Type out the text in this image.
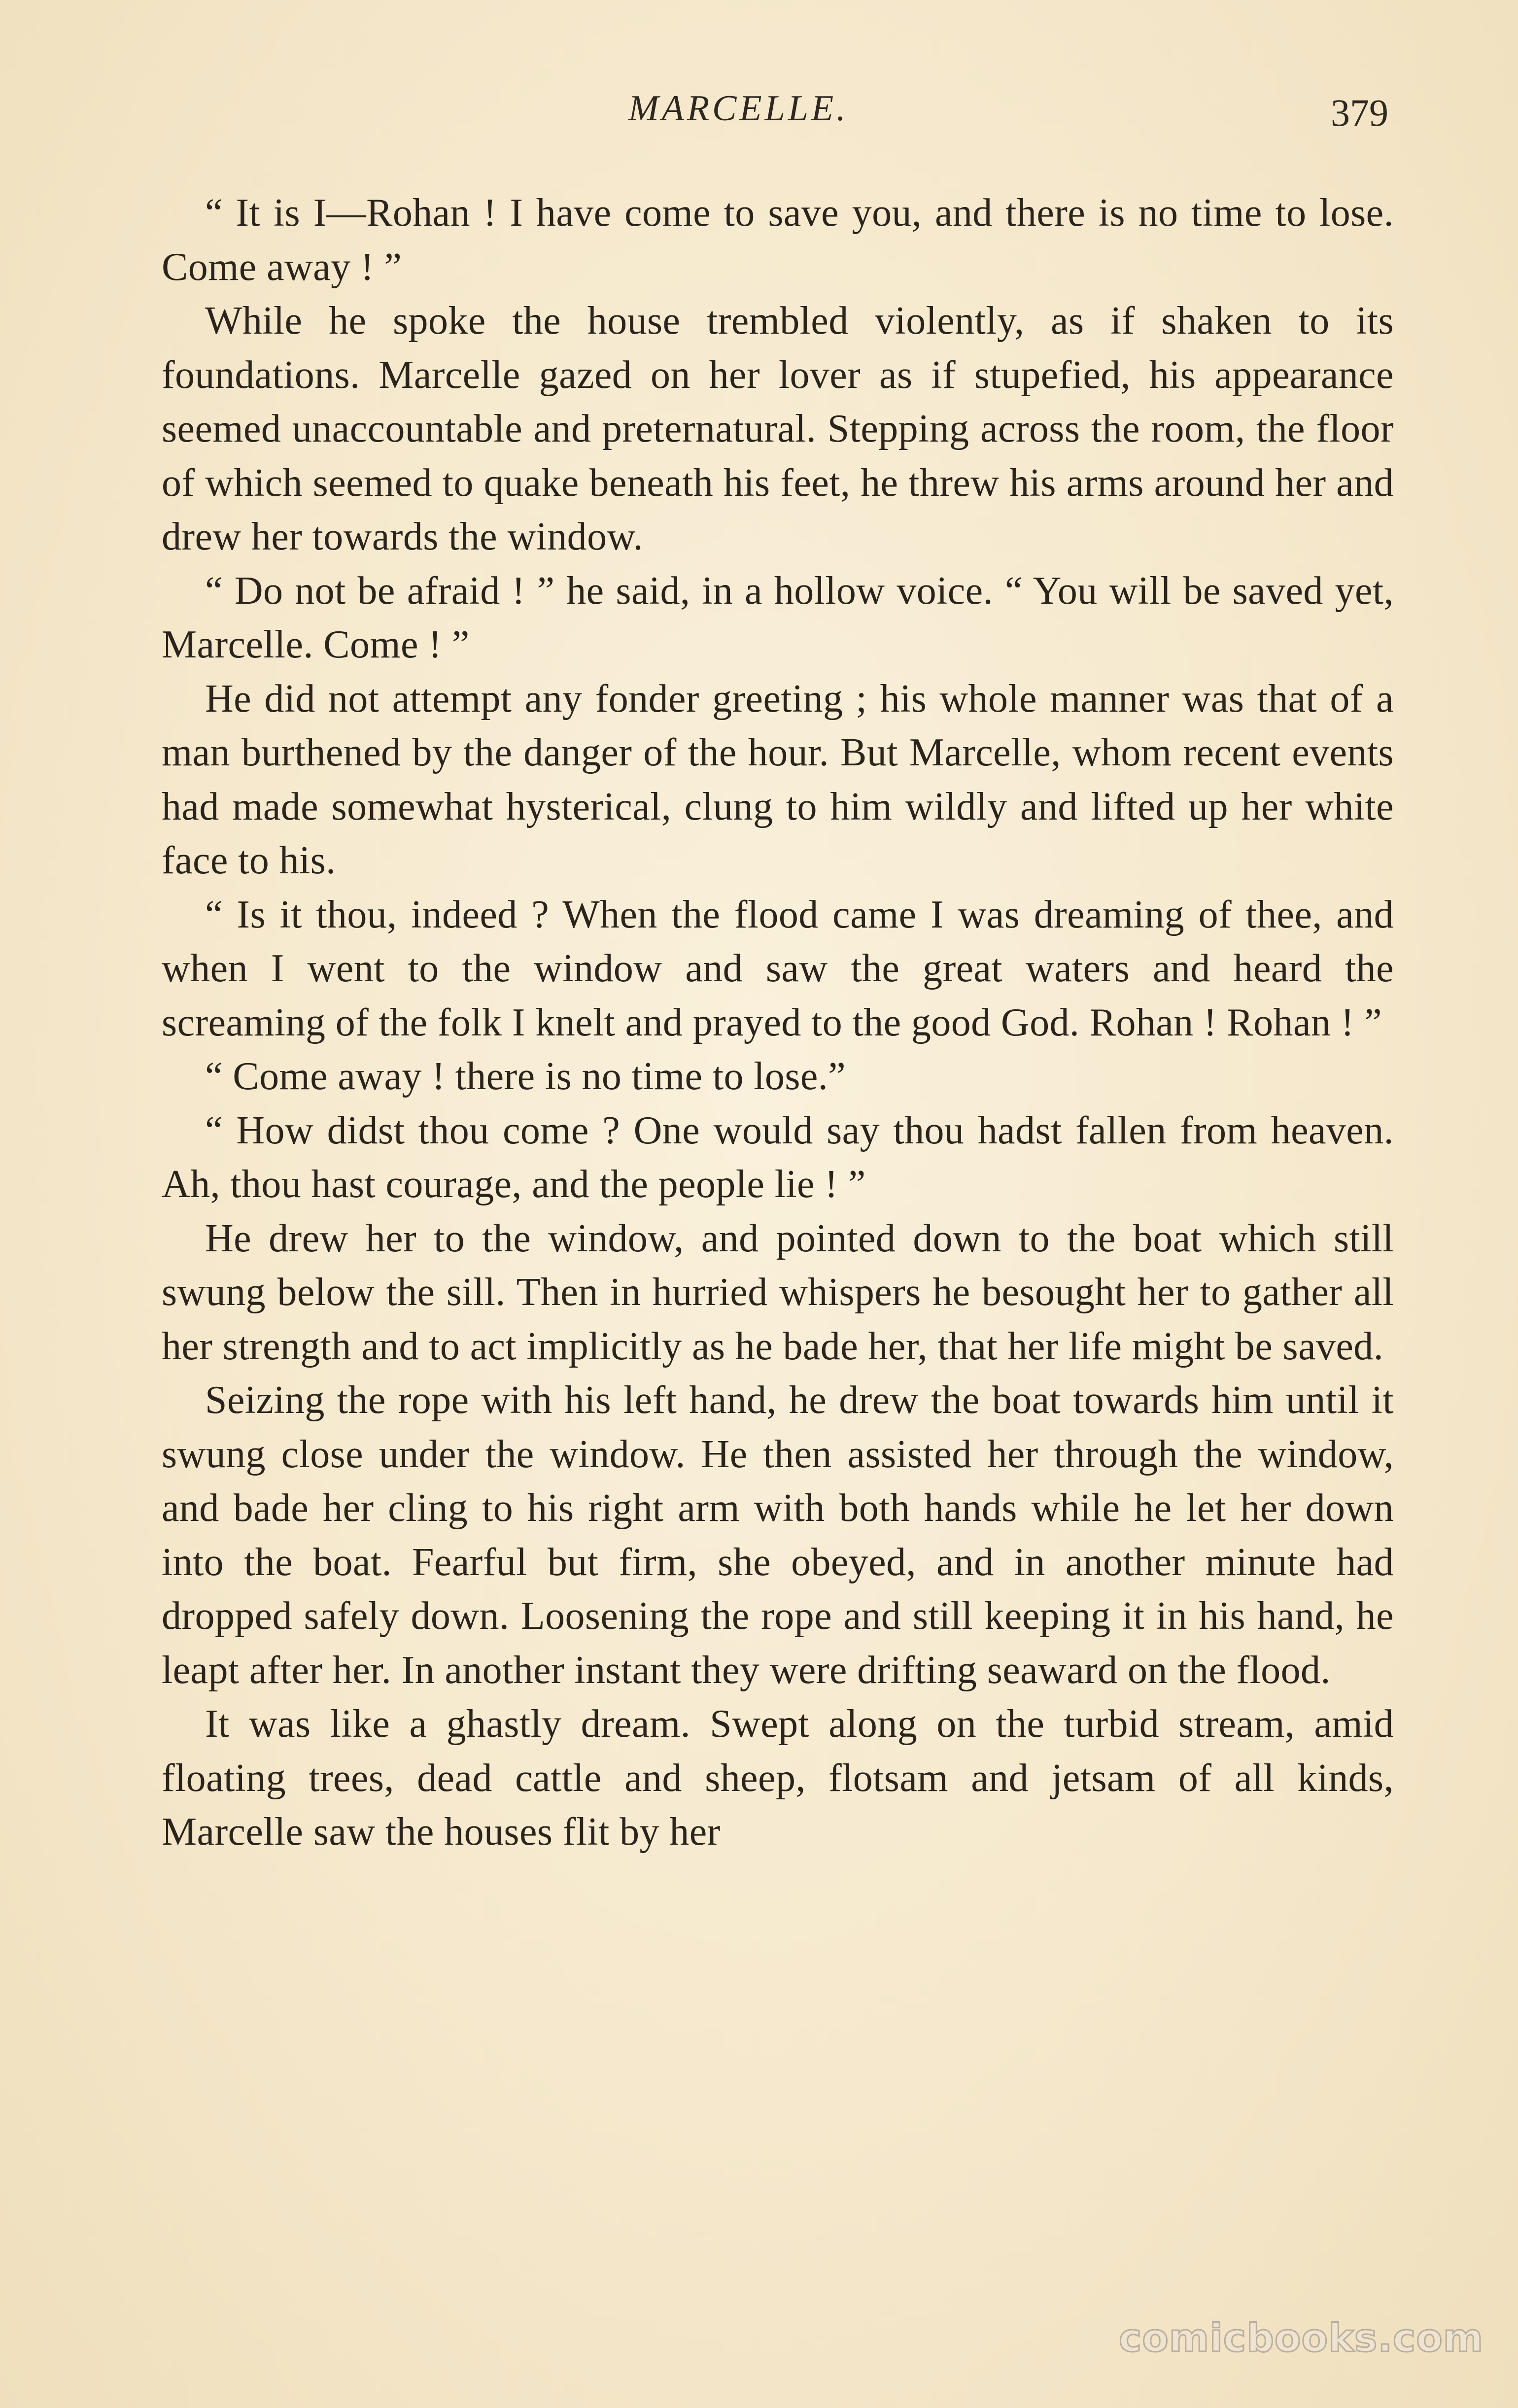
MARCELLE.	379

“ It is I—Rohan ! I have come to save you, and there is no time to lose. Come away ! ”

While he spoke the house trembled violently, as if shaken to its foundations. Marcelle gazed on her lover as if stupefied, his appearance seemed unaccountable and preternatural. Stepping across the room, the floor of which seemed to quake beneath his feet, he threw his arms around her and drew her towards the window.

“ Do not be afraid ! ” he said, in a hollow voice. “ You will be saved yet, Marcelle. Come ! ”

He did not attempt any fonder greeting ; his whole manner was that of a man burthened by the danger of the hour. But Marcelle, whom recent events had made somewhat hysterical, clung to him wildly and lifted up her white face to his.

“ Is it thou, indeed ? When the flood came I was dreaming of thee, and when I went to the window and saw the great waters and heard the screaming of the folk I knelt and prayed to the good God. Rohan ! Rohan ! ”

“ Come away ! there is no time to lose.”

“ How didst thou come ? One would say thou hadst fallen from heaven. Ah, thou hast courage, and the people lie ! ”

He drew her to the window, and pointed down to the boat which still swung below the sill. Then in hurried whispers he besought her to gather all her strength and to act implicitly as he bade her, that her life might be saved.

Seizing the rope with his left hand, he drew the boat towards him until it swung close under the window. He then assisted her through the window, and bade her cling to his right arm with both hands while he let her down into the boat. Fearful but firm, she obeyed, and in another minute had dropped safely down. Loosening the rope and still keeping it in his hand, he leapt after her. In another instant they were drifting seaward on the flood.

It was like a ghastly dream. Swept along on the turbid stream, amid floating trees, dead cattle and sheep, flotsam and jetsam of all kinds, Marcelle saw the houses flit by her

comicbooks.com
